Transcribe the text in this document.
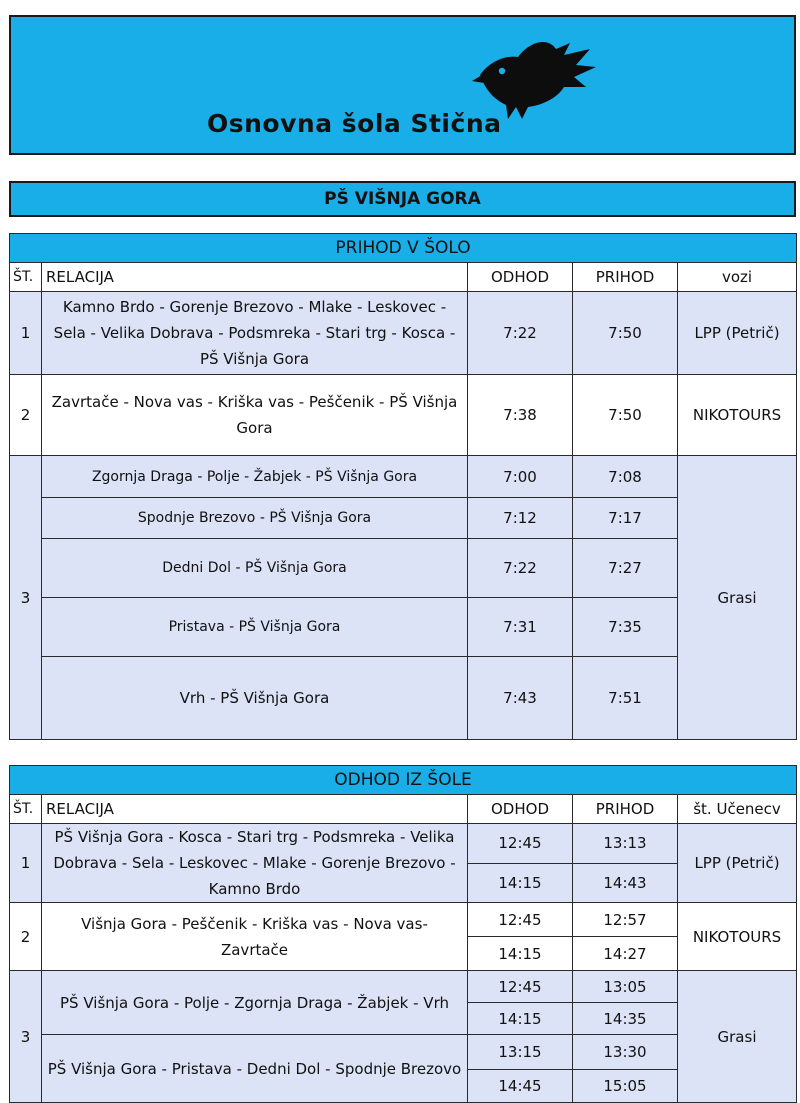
Osnovna šola Stična
PŠ VIŠNJA GORA
PRIHOD V ŠOLO				
ŠT.	RELACIJA	ODHOD	PRIHOD	vozi
1	Kamno Brdo - Gorenje Brezovo - Mlake - Leskovec - Sela - Velika Dobrava - Podsmreka - Stari trg - Kosca - PŠ Višnja Gora	7:22	7:50	LPP (Petrič)
2	Zavrtače - Nova vas - Kriška vas - Peščenik - PŠ Višnja Gora	7:38	7:50	NIKOTOURS
3	Zgornja Draga - Polje - Žabjek - PŠ Višnja Gora	7:00	7:08	Grasi
	Spodnje Brezovo - PŠ Višnja Gora	7:12	7:17	
	Dedni Dol - PŠ Višnja Gora	7:22	7:27	
	Pristava - PŠ Višnja Gora	7:31	7:35	
	Vrh - PŠ Višnja Gora	7:43	7:51	
ODHOD IZ ŠOLE				
ŠT.	RELACIJA	ODHOD	PRIHOD	št. Učenecv
1	PŠ Višnja Gora - Kosca - Stari trg - Podsmreka - Velika Dobrava - Sela - Leskovec - Mlake - Gorenje Brezovo - Kamno Brdo	12:45	13:13	LPP (Petrič)
		14:15	14:43	
2	Višnja Gora - Peščenik - Kriška vas - Nova vas- Zavrtače	12:45	12:57	NIKOTOURS
		14:15	14:27	
3	PŠ Višnja Gora - Polje - Zgornja Draga - Žabjek - Vrh	12:45	13:05	Grasi
		14:15	14:35	
	PŠ Višnja Gora - Pristava - Dedni Dol - Spodnje Brezovo	13:15	13:30	
		14:45	15:05	
